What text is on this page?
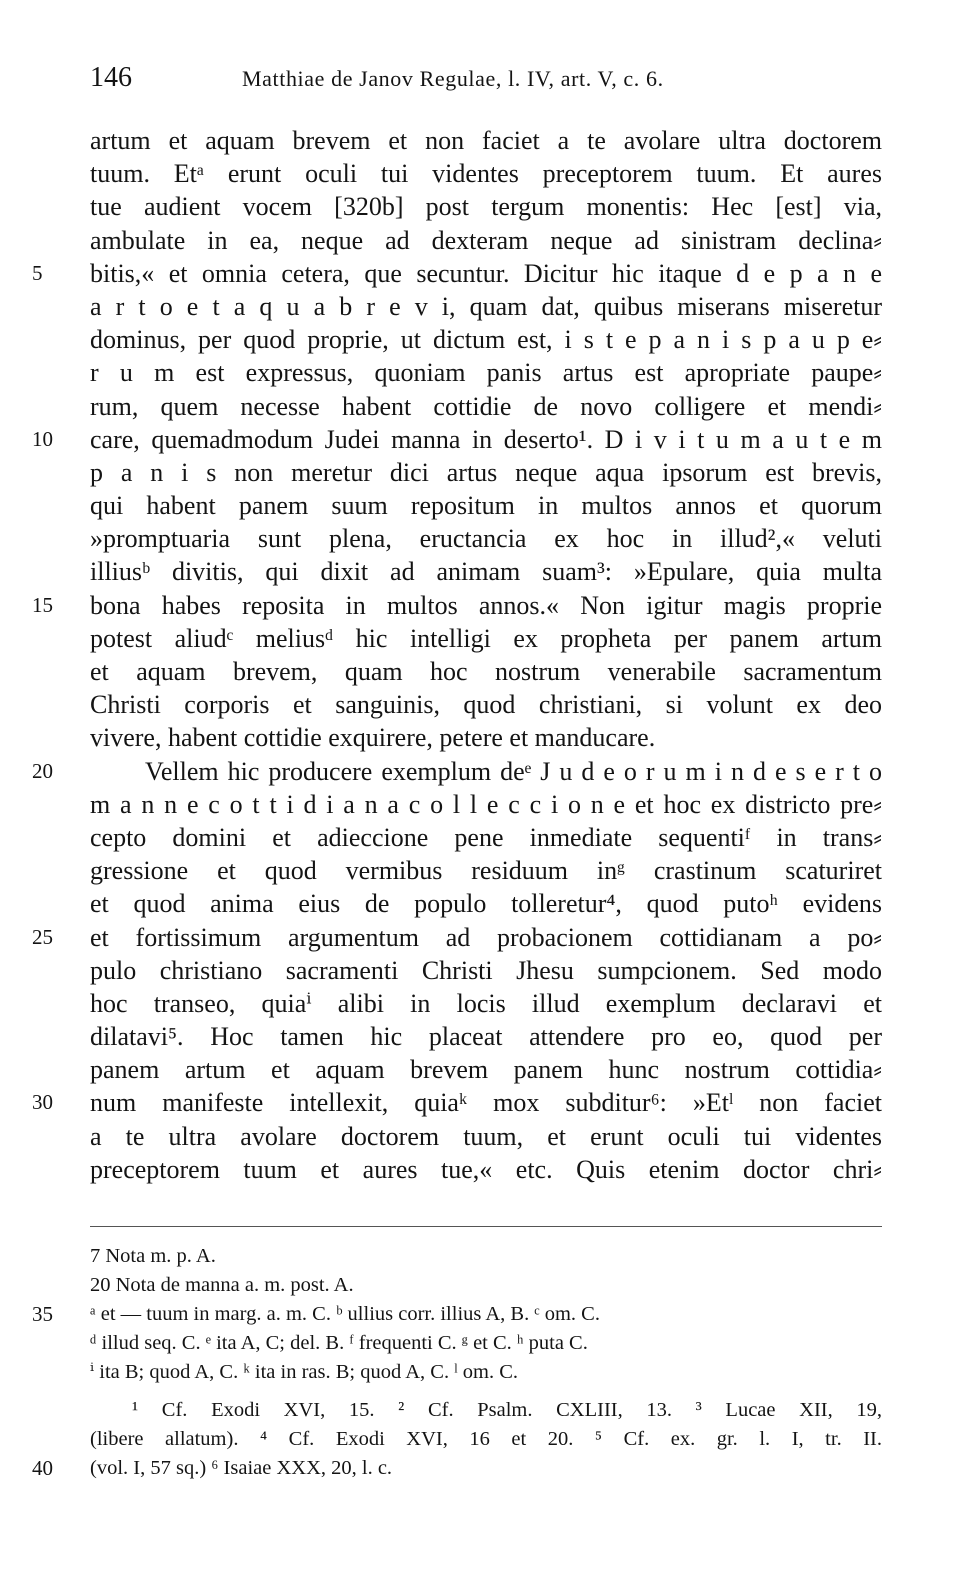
146	Matthiae de Janov Regulae, l. IV, art. V, c. 6.
artum et aquam brevem et non faciet a te avolare ultra doctorem
tuum. Etᵃ erunt oculi tui videntes preceptorem tuum. Et aures
tue audient vocem [320b] post tergum monentis: Hec [est] via,
ambulate in ea, neque ad dexteram neque ad sinistram declina⸗
5	bitis,« et omnia cetera, que secuntur. Dicitur hic itaque d e p a n e
a r t o e t a q u a b r e v i, quam dat, quibus miserans miseretur
dominus, per quod proprie, ut dictum est, i s t e p a n i s p a u p e⸗
r u m est expressus, quoniam panis artus est apropriate paupe⸗
rum, quem necesse habent cottidie de novo colligere et mendi⸗
10	care, quemadmodum Judei manna in deserto¹. D i v i t u m a u t e m
p a n i s non meretur dici artus neque aqua ipsorum est brevis,
qui habent panem suum repositum in multos annos et quorum
»promptuaria sunt plena, eructancia ex hoc in illud²,« veluti
illiusᵇ divitis, qui dixit ad animam suam³: »Epulare, quia multa
15	bona habes reposita in multos annos.« Non igitur magis proprie
potest aliudᶜ meliusᵈ hic intelligi ex propheta per panem artum
et aquam brevem, quam hoc nostrum venerabile sacramentum
Christi corporis et sanguinis, quod christiani, si volunt ex deo
vivere, habent cottidie exquirere, petere et manducare.
20	Vellem hic producere exemplum deᵉ J u d e o r u m i n d e s e r t o
m a n n e c o t t i d i a n a c o l l e c c i o n e et hoc ex districto pre⸗
cepto domini et adieccione pene inmediate sequentiᶠ in trans⸗
gressione et quod vermibus residuum inᵍ crastinum scaturiret
et quod anima eius de populo tolleretur⁴, quod putoʰ evidens
25	et fortissimum argumentum ad probacionem cottidianam a po⸗
pulo christiano sacramenti Christi Jhesu sumpcionem. Sed modo
hoc transeo, quiaⁱ alibi in locis illud exemplum declaravi et
dilatavi⁵. Hoc tamen hic placeat attendere pro eo, quod per
panem artum et aquam brevem panem hunc nostrum cottidia⸗
30	num manifeste intellexit, quiaᵏ mox subditur⁶: »Etˡ non faciet
a te ultra avolare doctorem tuum, et erunt oculi tui videntes
preceptorem tuum et aures tue,« etc. Quis etenim doctor chri⸗
7 Nota m. p. A.
20 Nota de manna a. m. post. A.
35	ᵃ et — tuum in marg. a. m. C. ᵇ ullius corr. illius A, B. ᶜ om. C.
ᵈ illud seq. C. ᵉ ita A, C; del. B. ᶠ frequenti C. ᵍ et C. ʰ puta C.
ⁱ ita B; quod A, C. ᵏ ita in ras. B; quod A, C. ˡ om. C.
¹ Cf. Exodi XVI, 15. ² Cf. Psalm. CXLIII, 13. ³ Lucae XII, 19,
(libere allatum). ⁴ Cf. Exodi XVI, 16 et 20. ⁵ Cf. ex. gr. l. I, tr. II.
40	(vol. I, 57 sq.) ⁶ Isaiae XXX, 20, l. c.
